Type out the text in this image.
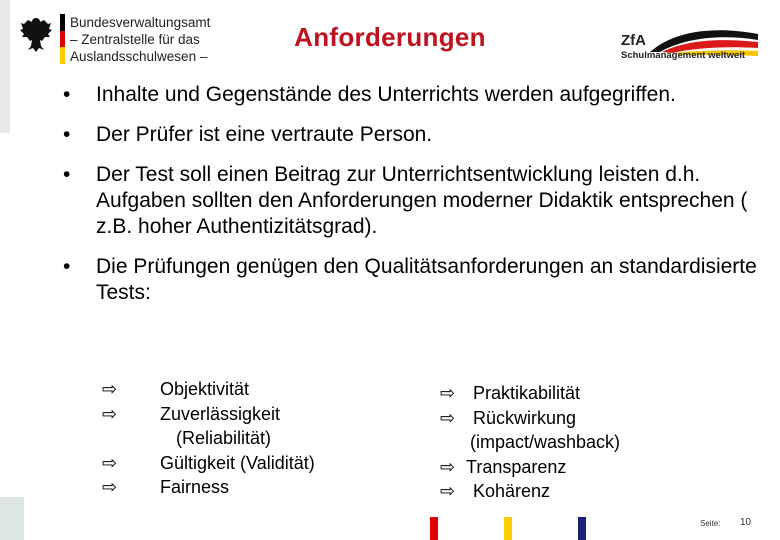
Bundesverwaltungsamt
– Zentralstelle für das
Auslandsschulwesen –
Anforderungen	ZfA
Schulmanagement weltweit
• Inhalte und Gegenstände des Unterrichts werden aufgegriffen.
• Der Prüfer ist eine vertraute Person.
• Der Test soll einen Beitrag zur Unterrichtsentwicklung leisten d.h. Aufgaben sollten den Anforderungen moderner Didaktik entsprechen ( z.B. hoher Authentizitätsgrad).
• Die Prüfungen genügen den Qualitätsanforderungen an standardisierte Tests:
⇨ Objektivität
⇨ Zuverlässigkeit
(Reliabilität)
⇨ Gültigkeit (Validität)
⇨ Fairness
⇨ Praktikabilität
⇨ Rückwirkung
(impact/washback)
⇨ Transparenz
⇨ Kohärenz
Seite: 10
